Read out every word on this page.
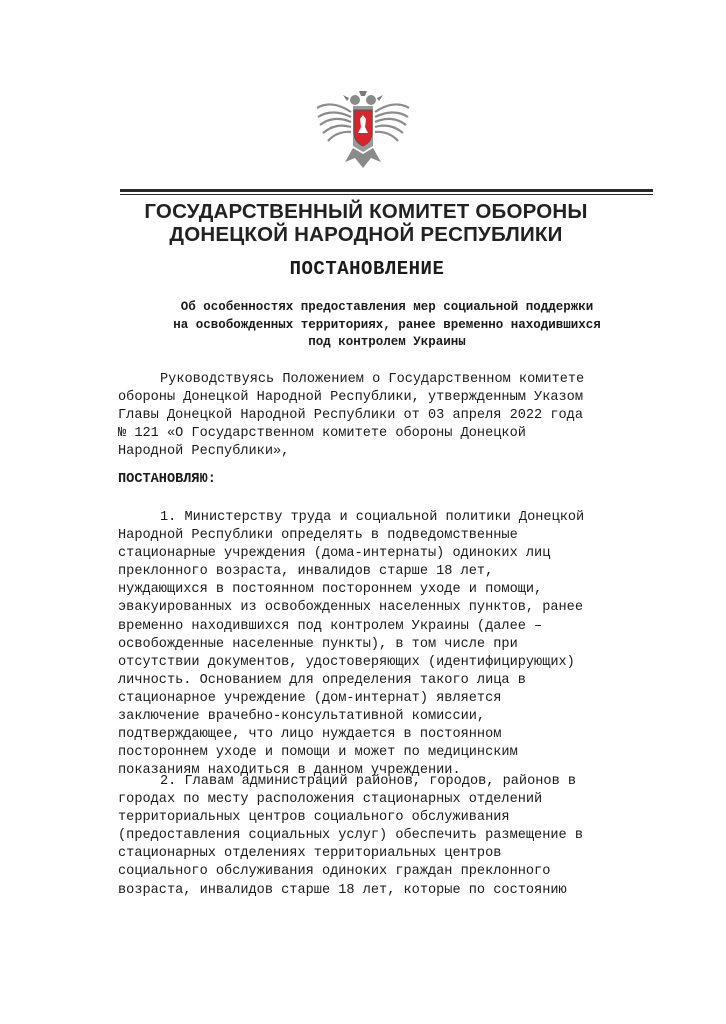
ГОСУДАРСТВЕННЫЙ КОМИТЕТ ОБОРОНЫ
ДОНЕЦКОЙ НАРОДНОЙ РЕСПУБЛИКИ
ПОСТАНОВЛЕНИЕ
Об особенностях предоставления мер социальной поддержки
на освобожденных территориях, ранее временно находившихся
под контролем Украины
Руководствуясь Положением о Государственном комитете
обороны Донецкой Народной Республики, утвержденным Указом
Главы Донецкой Народной Республики от 03 апреля 2022 года
№ 121 «О Государственном комитете обороны Донецкой
Народной Республики»,
ПОСТАНОВЛЯЮ:
1. Министерству труда и социальной политики Донецкой
Народной Республики определять в подведомственные
стационарные учреждения (дома-интернаты) одиноких лиц
преклонного возраста, инвалидов старше 18 лет,
нуждающихся в постоянном постороннем уходе и помощи,
эвакуированных из освобожденных населенных пунктов, ранее
временно находившихся под контролем Украины (далее –
освобожденные населенные пункты), в том числе при
отсутствии документов, удостоверяющих (идентифицирующих)
личность. Основанием для определения такого лица в
стационарное учреждение (дом-интернат) является
заключение врачебно-консультативной комиссии,
подтверждающее, что лицо нуждается в постоянном
постороннем уходе и помощи и может по медицинским
показаниям находиться в данном учреждении.
2. Главам администраций районов, городов, районов в
городах по месту расположения стационарных отделений
территориальных центров социального обслуживания
(предоставления социальных услуг) обеспечить размещение в
стационарных отделениях территориальных центров
социального обслуживания одиноких граждан преклонного
возраста, инвалидов старше 18 лет, которые по состоянию
